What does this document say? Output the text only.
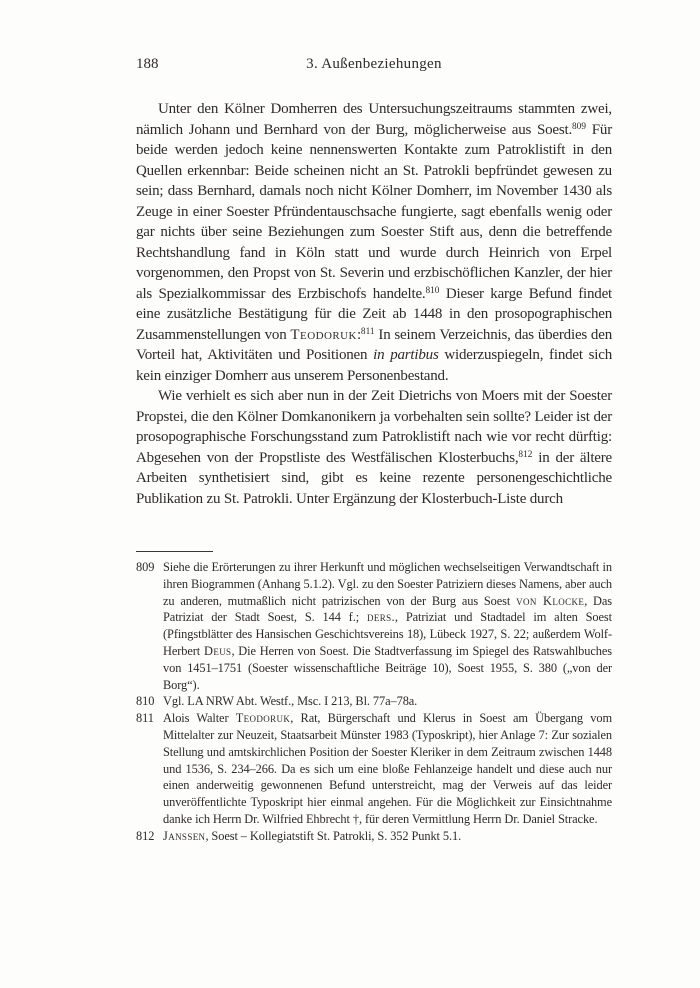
188	3. Außenbeziehungen

Unter den Kölner Domherren des Untersuchungszeitraums stammten zwei, nämlich Johann und Bernhard von der Burg, möglicherweise aus Soest.$^{809}$ Für beide werden jedoch keine nennenswerten Kontakte zum Patroklistift in den Quellen erkennbar: Beide scheinen nicht an St. Patrokli bepfründet gewesen zu sein; dass Bernhard, damals noch nicht Kölner Domherr, im November 1430 als Zeuge in einer Soester Pfründentauschsache fungierte, sagt ebenfalls wenig oder gar nichts über seine Beziehungen zum Soester Stift aus, denn die betreffende Rechtshandlung fand in Köln statt und wurde durch Heinrich von Erpel vorgenommen, den Propst von St. Severin und erzbischöflichen Kanzler, der hier als Spezialkommissar des Erzbischofs handelte.$^{810}$ Dieser karge Befund findet eine zusätzliche Bestätigung für die Zeit ab 1448 in den prosopographischen Zusammenstellungen von Teodoruk:$^{811}$ In seinem Verzeichnis, das überdies den Vorteil hat, Aktivitäten und Positionen in partibus widerzuspiegeln, findet sich kein einziger Domherr aus unserem Personenbestand.

Wie verhielt es sich aber nun in der Zeit Dietrichs von Moers mit der Soester Propstei, die den Kölner Domkanonikern ja vorbehalten sein sollte? Leider ist der prosopographische Forschungsstand zum Patroklistift nach wie vor recht dürftig: Abgesehen von der Propstliste des Westfälischen Klosterbuchs,$^{812}$ in der ältere Arbeiten synthetisiert sind, gibt es keine rezente personengeschichtliche Publikation zu St. Patrokli. Unter Ergänzung der Klosterbuch-Liste durch

809 Siehe die Erörterungen zu ihrer Herkunft und möglichen wechselseitigen Verwandtschaft in ihren Biogrammen (Anhang 5.1.2). Vgl. zu den Soester Patriziern dieses Namens, aber auch zu anderen, mutmaßlich nicht patrizischen von der Burg aus Soest von Klocke, Das Patriziat der Stadt Soest, S. 144 f.; ders., Patriziat und Stadtadel im alten Soest (Pfingstblätter des Hansischen Geschichtsvereins 18), Lübeck 1927, S. 22; außerdem Wolf-Herbert Deus, Die Herren von Soest. Die Stadtverfassung im Spiegel des Ratswahlbuches von 1451–1751 (Soester wissenschaftliche Beiträge 10), Soest 1955, S. 380 („von der Borg“).
810 Vgl. LA NRW Abt. Westf., Msc. I 213, Bl. 77a–78a.
811 Alois Walter Teodoruk, Rat, Bürgerschaft und Klerus in Soest am Übergang vom Mittelalter zur Neuzeit, Staatsarbeit Münster 1983 (Typoskript), hier Anlage 7: Zur sozialen Stellung und amtskirchlichen Position der Soester Kleriker in dem Zeitraum zwischen 1448 und 1536, S. 234–266. Da es sich um eine bloße Fehlanzeige handelt und diese auch nur einen anderweitig gewonnenen Befund unterstreicht, mag der Verweis auf das leider unveröffentlichte Typoskript hier einmal angehen. Für die Möglichkeit zur Einsichtnahme danke ich Herrn Dr. Wilfried Ehbrecht †, für deren Vermittlung Herrn Dr. Daniel Stracke.
812 Janssen, Soest – Kollegiatstift St. Patrokli, S. 352 Punkt 5.1.
